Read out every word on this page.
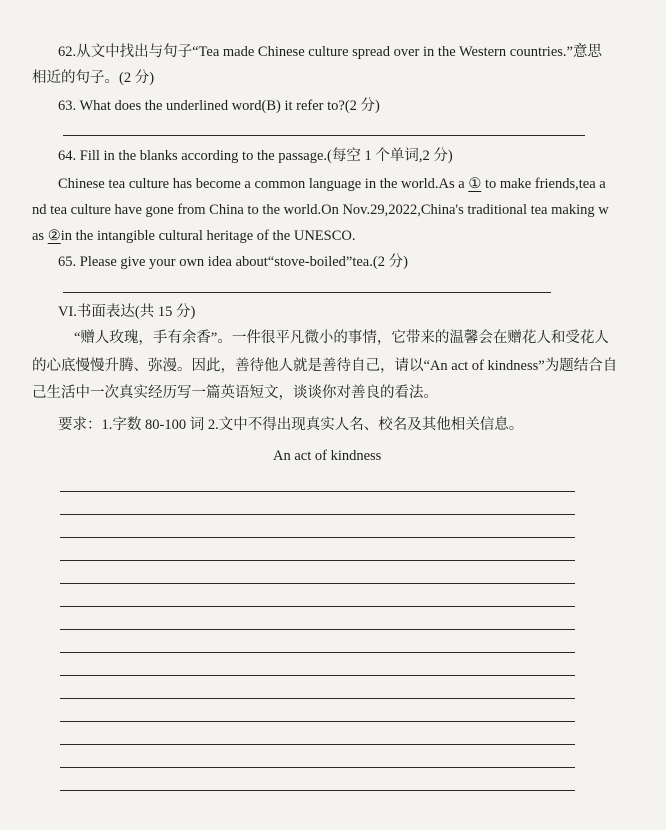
62.从文中找出与句子“Tea made Chinese culture spread over in the Western countries.”意思
相近的句子。(2 分)
63. What does the underlined word(B) it refer to?(2 分)
64. Fill in the blanks according to the passage.(每空 1 个单词,2 分)
Chinese tea culture has become a common language in the world.As a ① to make friends,tea a
nd tea culture have gone from China to the world.On Nov.29,2022,China's traditional tea making w
as ②in the intangible cultural heritage of the UNESCO.
65. Please give your own idea about“stove-boiled”tea.(2 分)
VI.书面表达(共 15 分)
“赠人玫瑰，手有余香”。一件很平凡微小的事情，它带来的温馨会在赠花人和受花人
的心底慢慢升腾、弥漫。因此，善待他人就是善待自己，请以“An act of kindness”为题结合自
己生活中一次真实经历写一篇英语短文，谈谈你对善良的看法。
要求：1.字数 80-100 词 2.文中不得出现真实人名、校名及其他相关信息。
An act of kindness
